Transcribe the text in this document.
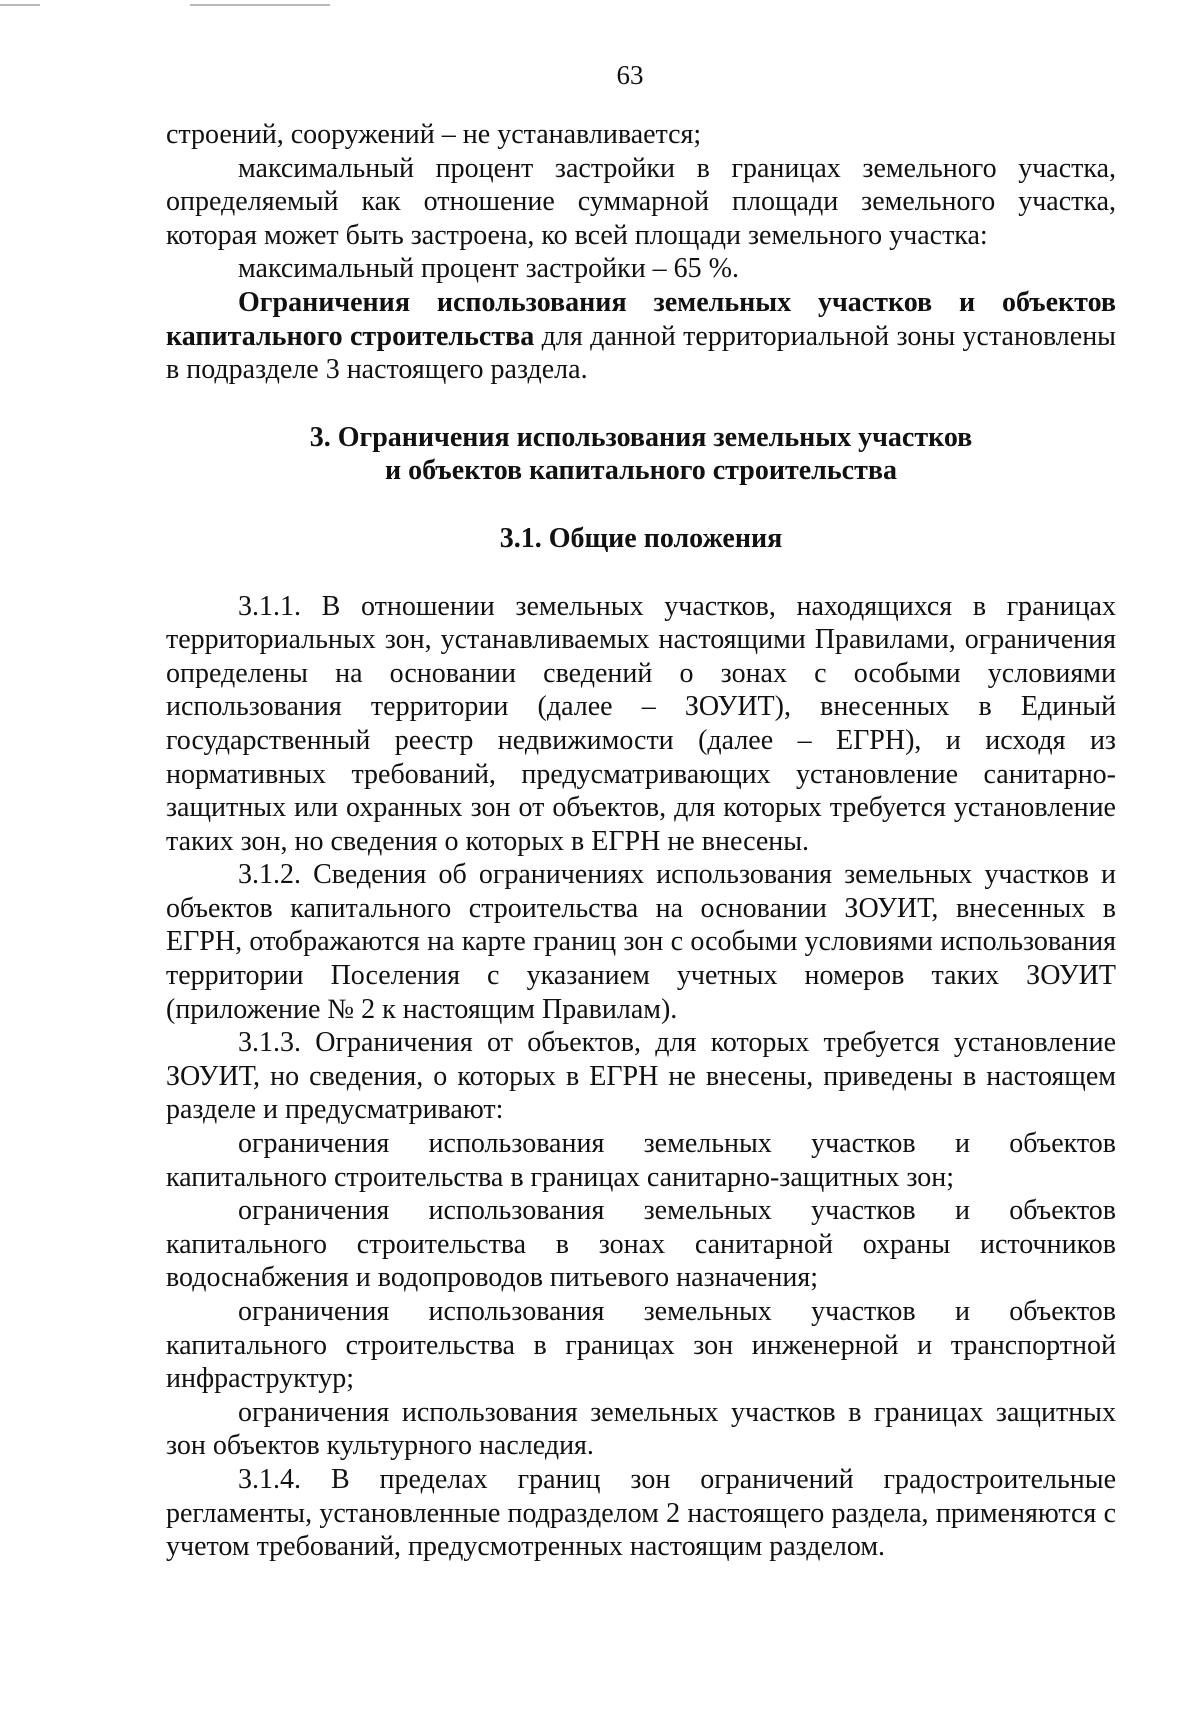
63

строений, сооружений – не устанавливается;

максимальный процент застройки в границах земельного участка, определяемый как отношение суммарной площади земельного участка, которая может быть застроена, ко всей площади земельного участка:

максимальный процент застройки – 65 %.

Ограничения использования земельных участков и объектов капитального строительства для данной территориальной зоны установлены в подразделе 3 настоящего раздела.

3. Ограничения использования земельных участков

и объектов капитального строительства

3.1. Общие положения

3.1.1. В отношении земельных участков, находящихся в границах территориальных зон, устанавливаемых настоящими Правилами, ограничения определены на основании сведений о зонах с особыми условиями использования территории (далее – ЗОУИТ), внесенных в Единый государственный реестр недвижимости (далее – ЕГРН), и исходя из нормативных требований, предусматривающих установление санитарно-защитных или охранных зон от объектов, для которых требуется установление таких зон, но сведения о которых в ЕГРН не внесены.

3.1.2. Сведения об ограничениях использования земельных участков и объектов капитального строительства на основании ЗОУИТ, внесенных в ЕГРН, отображаются на карте границ зон с особыми условиями использования территории Поселения с указанием учетных номеров таких ЗОУИТ (приложение № 2 к настоящим Правилам).

3.1.3. Ограничения от объектов, для которых требуется установление ЗОУИТ, но сведения, о которых в ЕГРН не внесены, приведены в настоящем разделе и предусматривают:

ограничения использования земельных участков и объектов капитального строительства в границах санитарно-защитных зон;

ограничения использования земельных участков и объектов капитального строительства в зонах санитарной охраны источников водоснабжения и водопроводов питьевого назначения;

ограничения использования земельных участков и объектов капитального строительства в границах зон инженерной и транспортной инфраструктур;

ограничения использования земельных участков в границах защитных зон объектов культурного наследия.

3.1.4. В пределах границ зон ограничений градостроительные регламенты, установленные подразделом 2 настоящего раздела, применяются с учетом требований, предусмотренных настоящим разделом.
